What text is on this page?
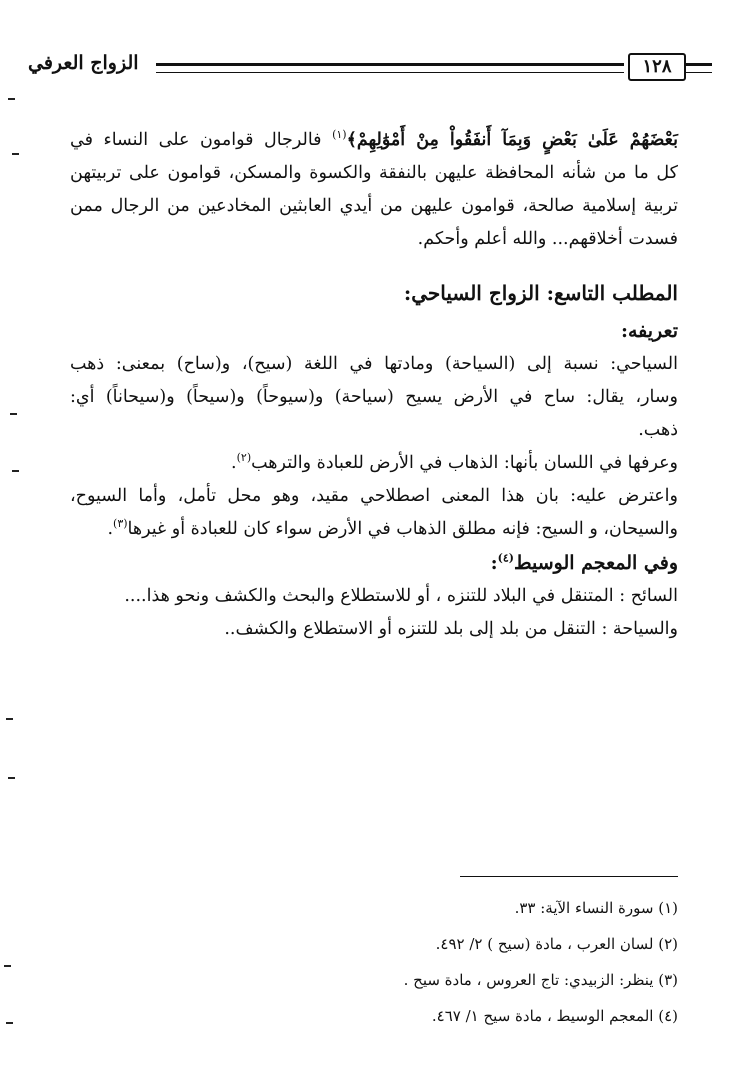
الزواج العرفي	١٢٨

بَعْضَهُمْ عَلَىٰ بَعْضٍ وَبِمَآ أَنفَقُواْ مِنْ أَمْوَٰلِهِمْ﴾$^{(١)}$ فالرجال قوامون على النساء في

كل ما من شأنه المحافظة عليهن بالنفقة والكسوة والمسكن، قوامون على تربيتهن

تربية إسلامية صالحة، قوامون عليهن من أيدي العابثين المخادعين من الرجال ممن

فسدت أخلاقهم... والله أعلم وأحكم.

المطلب التاسع: الزواج السياحي:

تعريفه:

السياحي: نسبة إلى (السياحة) ومادتها في اللغة (سيح)، و(ساح) بمعنى: ذهب

وسار، يقال: ساح في الأرض يسيح (سياحة) و(سيوحاً) و(سيحاً) و(سيحاناً) أي:

ذهب.

وعرفها في اللسان بأنها: الذهاب في الأرض للعبادة والترهب$^{(٢)}$.

واعترض عليه: بان هذا المعنى اصطلاحي مقيد، وهو محل تأمل، وأما السيوح،

والسيحان، و السيح: فإنه مطلق الذهاب في الأرض سواء كان للعبادة أو غيرها$^{(٣)}$.

وفي المعجم الوسيط$^{(٤)}$:

السائح : المتنقل في البلاد للتنزه ، أو للاستطلاع والبحث والكشف ونحو هذا....

والسياحة : التنقل من بلد إلى بلد للتنزه أو الاستطلاع والكشف..

(١) سورة النساء الآية: ٣٣.
(٢) لسان العرب ، مادة (سيح ) ٢/ ٤٩٢.
(٣) ينظر: الزبيدي: تاج العروس ، مادة سيح .
(٤) المعجم الوسيط ، مادة سيح ١/ ٤٦٧.
